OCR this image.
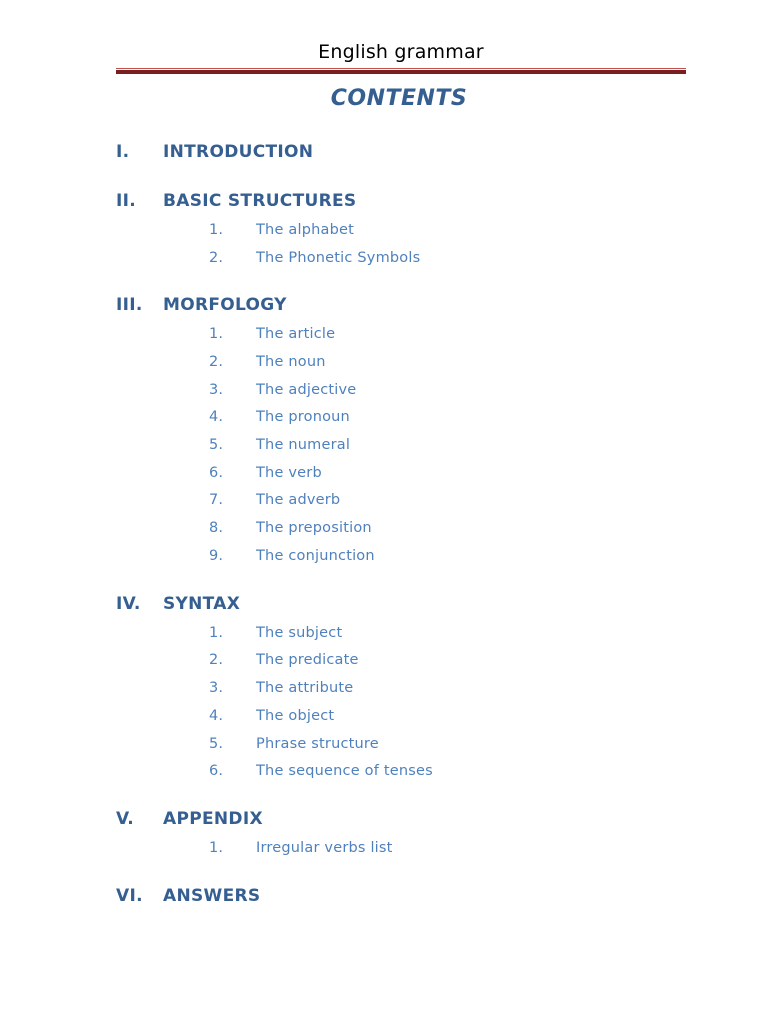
English grammar
CONTENTS
I. INTRODUCTION
II. BASIC STRUCTURES
1. The alphabet
2. The Phonetic Symbols
III. MORFOLOGY
1. The article
2. The noun
3. The adjective
4. The pronoun
5. The numeral
6. The verb
7. The adverb
8. The preposition
9. The conjunction
IV. SYNTAX
1. The subject
2. The predicate
3. The attribute
4. The object
5. Phrase structure
6. The sequence of tenses
V. APPENDIX
1. Irregular verbs list
VI. ANSWERS
